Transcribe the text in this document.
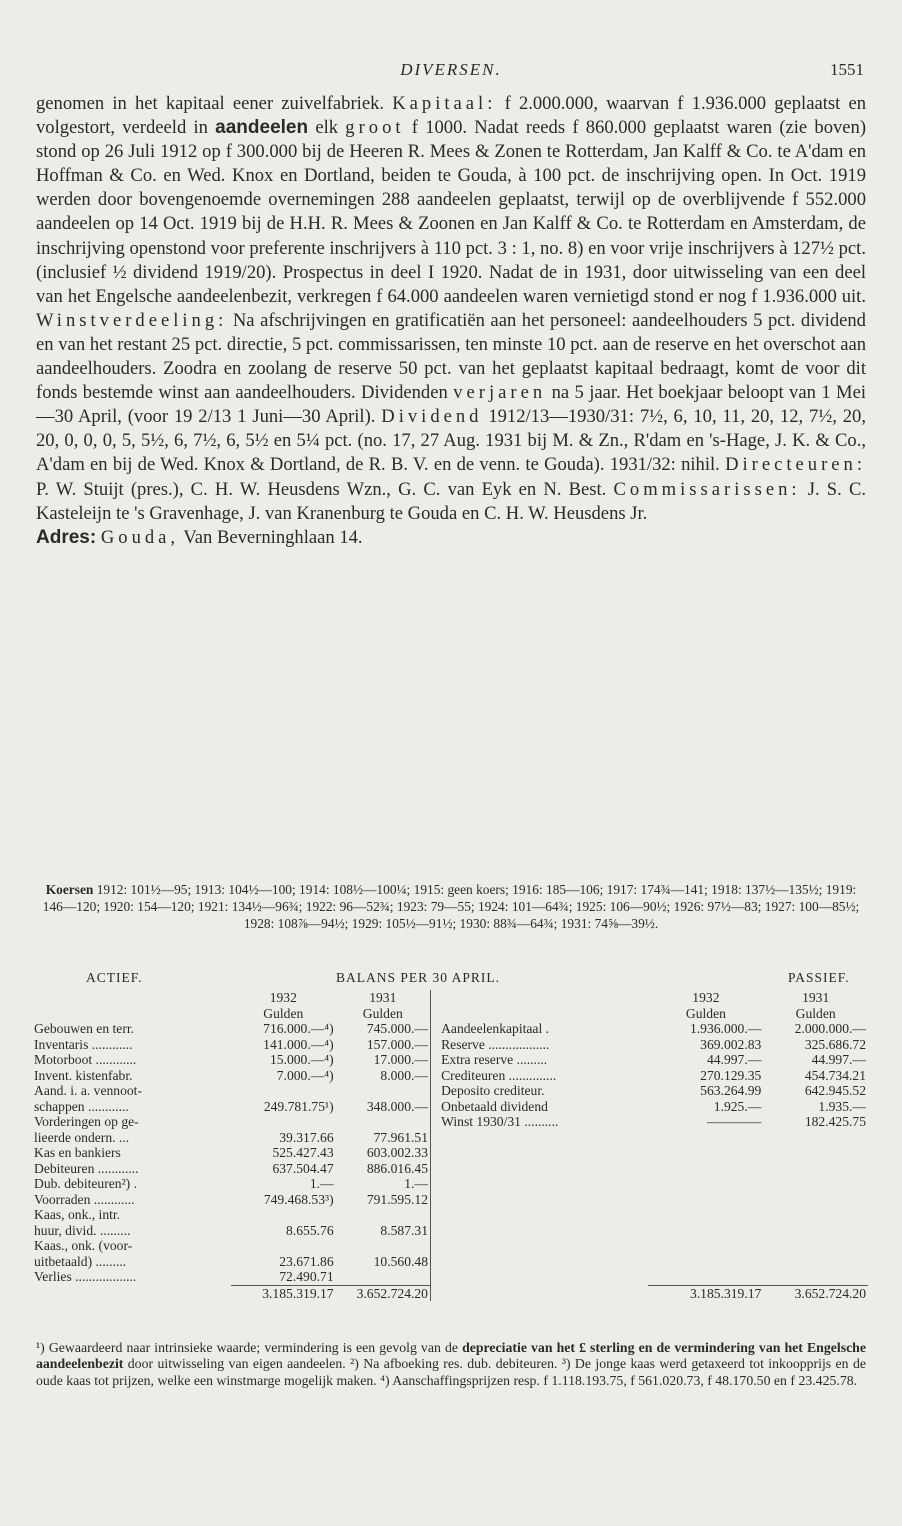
DIVERSEN.	1551

genomen in het kapitaal eener zuivelfabriek. Kapitaal: f 2.000.000, waarvan f 1.936.000 geplaatst en volgestort, verdeeld in aandeelen elk groot f 1000. Nadat reeds f 860.000 geplaatst waren (zie boven) stond op 26 Juli 1912 op f 300.000 bij de Heeren R. Mees & Zonen te Rotterdam, Jan Kalff & Co. te A'dam en Hoffman & Co. en Wed. Knox en Dortland, beiden te Gouda, à 100 pct. de inschrijving open. In Oct. 1919 werden door bovengenoemde overnemingen 288 aandeelen geplaatst, terwijl op de overblijvende f 552.000 aandeelen op 14 Oct. 1919 bij de H.H. R. Mees & Zoonen en Jan Kalff & Co. te Rotterdam en Amsterdam, de inschrijving openstond voor preferente inschrijvers à 110 pct. 3 : 1, no. 8) en voor vrije inschrijvers à 127½ pct. (inclusief ½ dividend 1919/20). Prospectus in deel I 1920. Nadat de in 1931, door uitwisseling van een deel van het Engelsche aandeelenbezit, verkregen f 64.000 aandeelen waren vernietigd stond er nog f 1.936.000 uit. Winstverdeeling: Na afschrijvingen en gratificatiën aan het personeel: aandeelhouders 5 pct. dividend en van het restant 25 pct. directie, 5 pct. commissarissen, ten minste 10 pct. aan de reserve en het overschot aan aandeelhouders. Zoodra en zoolang de reserve 50 pct. van het geplaatst kapitaal bedraagt, komt de voor dit fonds bestemde winst aan aandeelhouders. Dividenden verjaren na 5 jaar. Het boekjaar beloopt van 1 Mei—30 April, (voor 19 2/13 1 Juni—30 April). Dividend 1912/13—1930/31: 7½, 6, 10, 11, 20, 12, 7½, 20, 20, 0, 0, 0, 5, 5½, 6, 7½, 6, 5½ en 5¼ pct. (no. 17, 27 Aug. 1931 bij M. & Zn., R'dam en 's-Hage, J. K. & Co., A'dam en bij de Wed. Knox & Dortland, de R. B. V. en de venn. te Gouda). 1931/32: nihil. Directeuren: P. W. Stuijt (pres.), C. H. W. Heusdens Wzn., G. C. van Eyk en N. Best. Commissarissen: J. S. C. Kasteleijn te 's Gravenhage, J. van Kranenburg te Gouda en C. H. W. Heusdens Jr.

Adres: Gouda, Van Beverninghlaan 14.

Koersen 1912: 101½—95; 1913: 104½—100; 1914: 108½—100¼; 1915: geen koers; 1916: 185—106; 1917: 174¾—141; 1918: 137½—135½; 1919: 146—120; 1920: 154—120; 1921: 134½—96¾; 1922: 96—52¾; 1923: 79—55; 1924: 101—64¾; 1925: 106—90½; 1926: 97½—83; 1927: 100—85½; 1928: 108⅞—94½; 1929: 105½—91½; 1930: 88¾—64¾; 1931: 74⅝—39½.
ACTIEF.	BALANS PER 30 APRIL.	PASSIEF.
	1932	1931			1932	1931
	Gulden	Gulden			Gulden	Gulden
Gebouwen en terr.	716.000.—⁴)	745.000.—		Aandeelenkapitaal .	1.936.000.—	2.000.000.—
Inventaris ............	141.000.—⁴)	157.000.—		Reserve ..................	369.002.83	325.686.72
Motorboot ............	15.000.—⁴)	17.000.—		Extra reserve .........	44.997.—	44.997.—
Invent. kistenfabr.	7.000.—⁴)	8.000.—		Crediteuren ..............	270.129.35	454.734.21
Aand. i. a. vennoot-				Deposito crediteur.	563.264.99	642.945.52
schappen ............	249.781.75¹)	348.000.—		Onbetaald dividend	1.925.—	1.935.—
Vorderingen op ge-				Winst 1930/31 ..........	————	182.425.75
lieerde ondern. ...	39.317.66	77.961.51				
Kas en bankiers	525.427.43	603.002.33				
Debiteuren ............	637.504.47	886.016.45				
Dub. debiteuren²) .	1.—	1.—				
Voorraden ............	749.468.53³)	791.595.12				
Kaas, onk., intr.						
huur, divid. .........	8.655.76	8.587.31				
Kaas., onk. (voor-						
uitbetaald) .........	23.671.86	10.560.48				
Verlies ..................	72.490.71					
	3.185.319.17	3.652.724.20			3.185.319.17	3.652.724.20

¹) Gewaardeerd naar intrinsieke waarde; vermindering is een gevolg van de depreciatie van het £ sterling en de vermindering van het Engelsche aandeelenbezit door uitwisseling van eigen aandeelen. ²) Na afboeking res. dub. debiteuren. ³) De jonge kaas werd getaxeerd tot inkoopprijs en de oude kaas tot prijzen, welke een winstmarge mogelijk maken. ⁴) Aanschaffingsprijzen resp. f 1.118.193.75, f 561.020.73, f 48.170.50 en f 23.425.78.
